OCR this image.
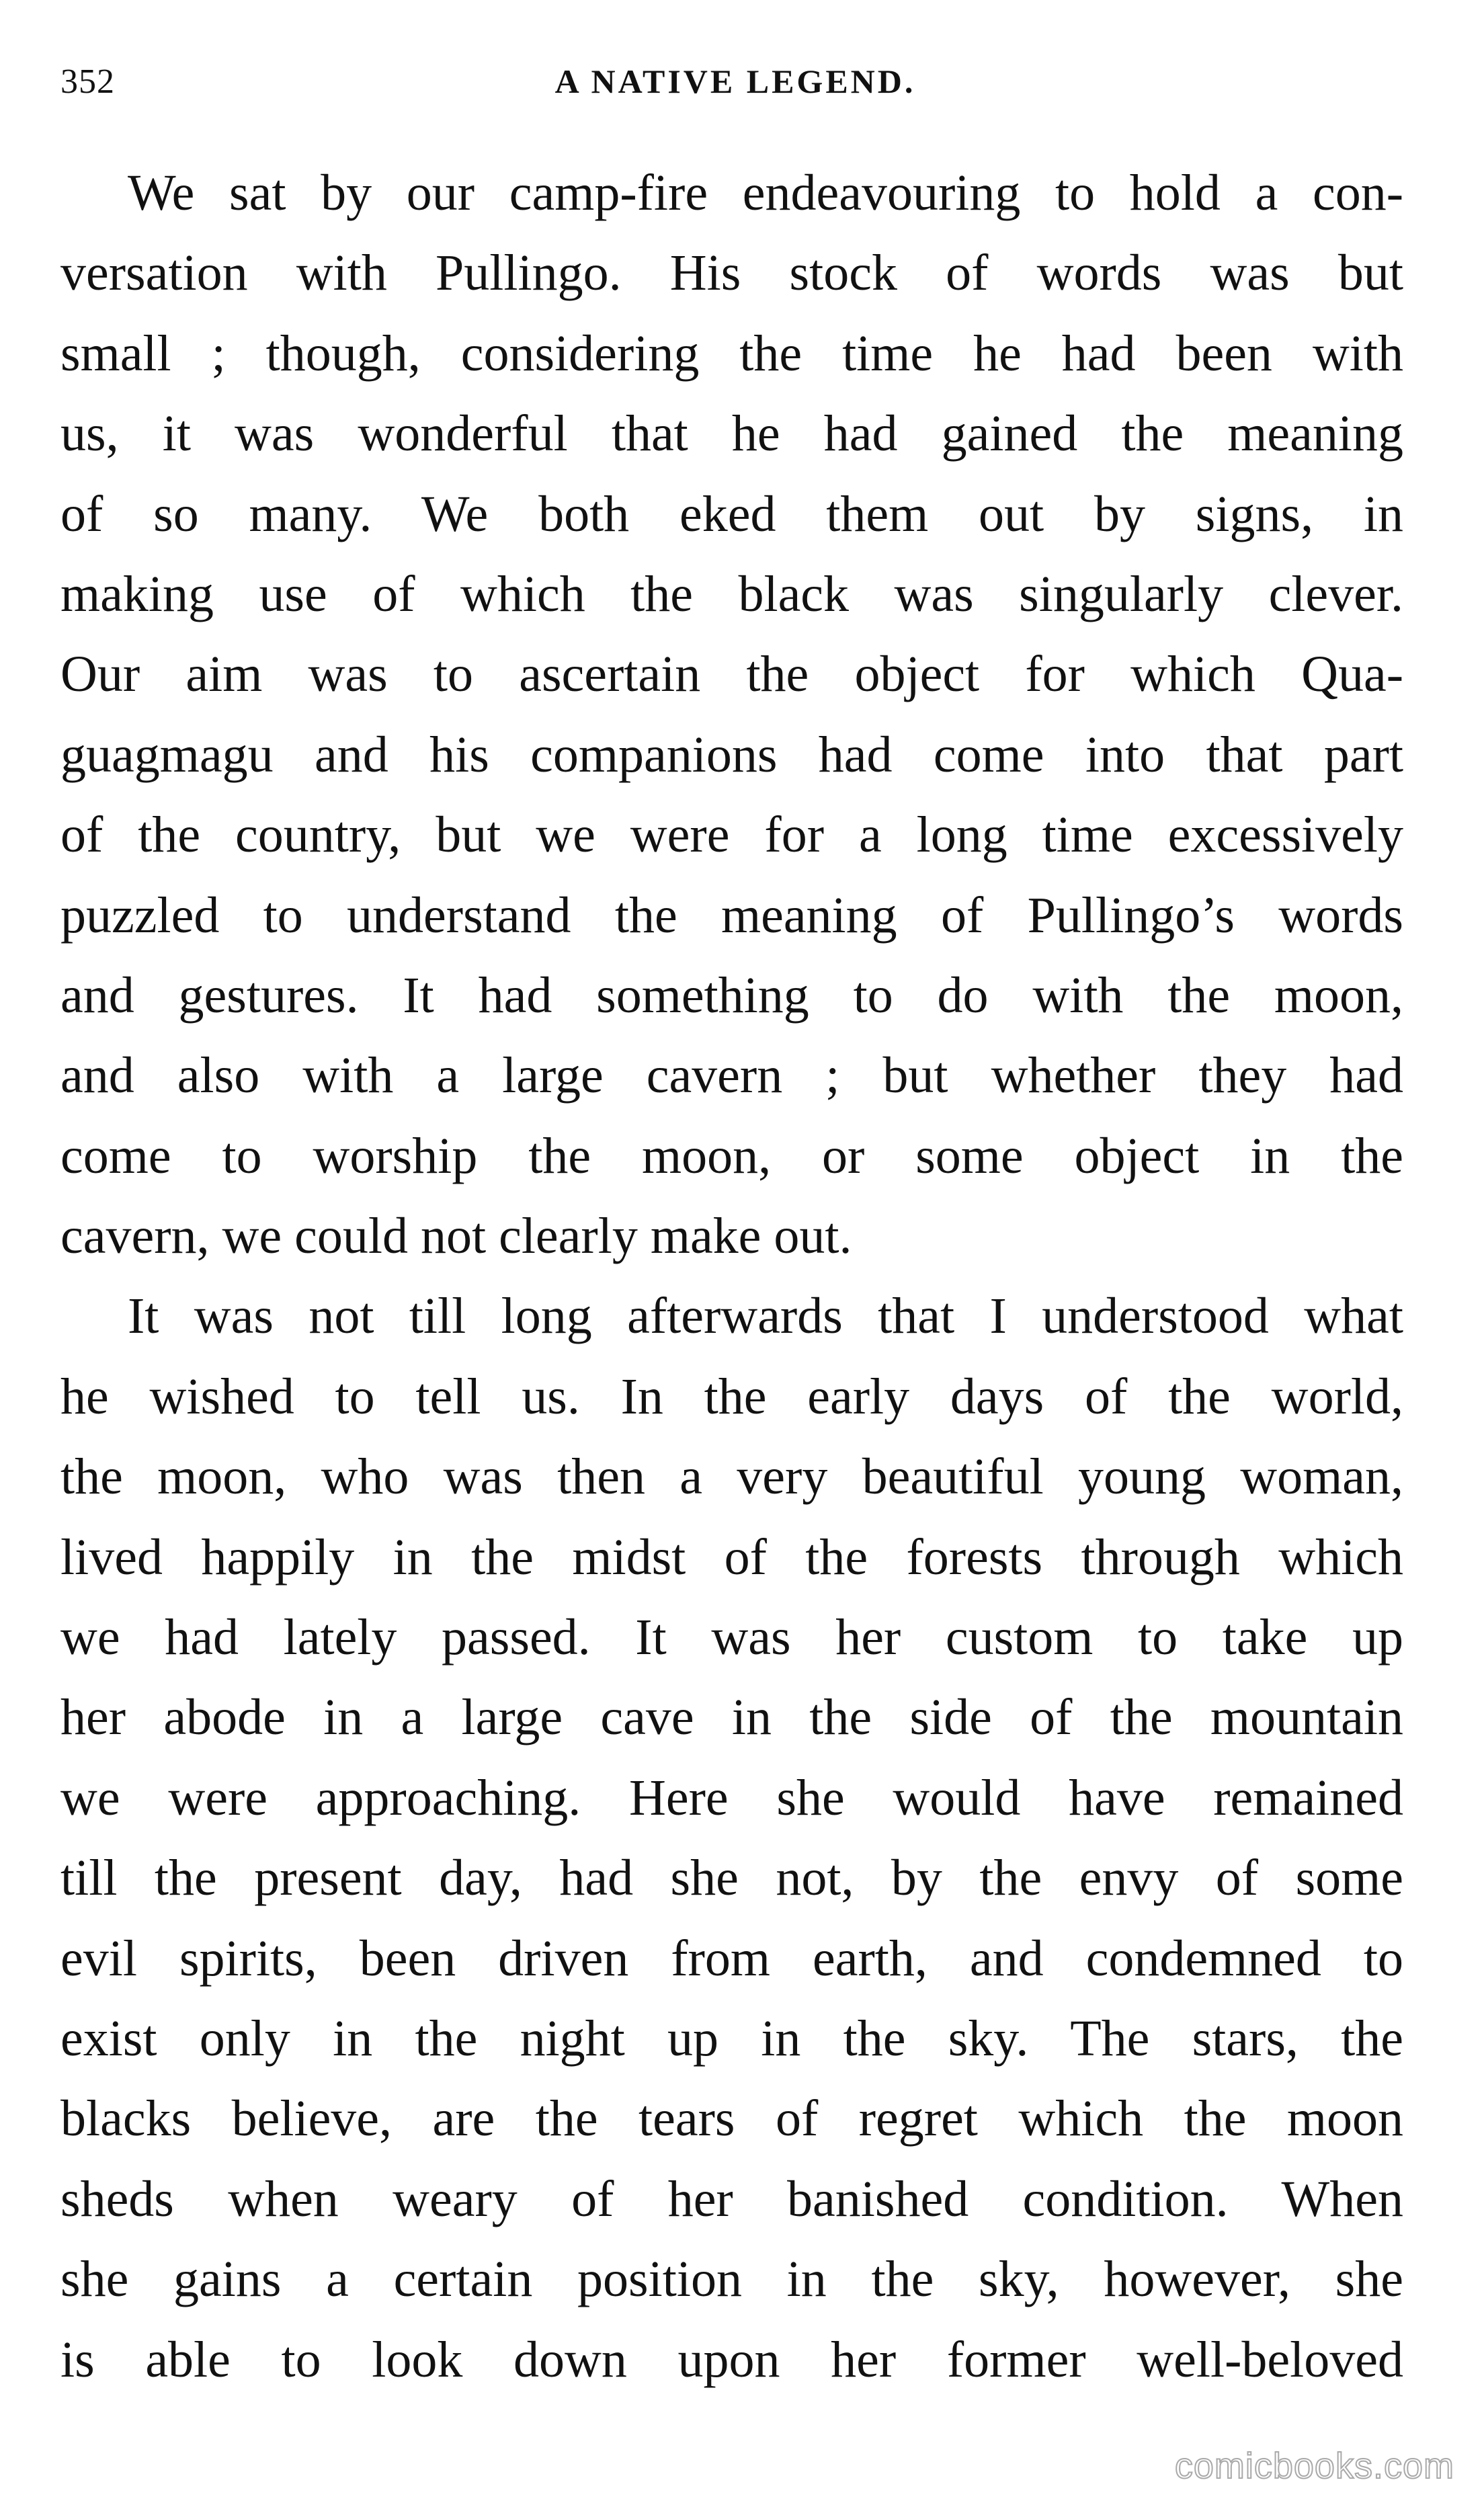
352	A NATIVE LEGEND.
We sat by our camp-fire endeavouring to hold a con-
versation with Pullingo. His stock of words was but
small ; though, considering the time he had been with
us, it was wonderful that he had gained the meaning
of so many. We both eked them out by signs, in
making use of which the black was singularly clever.
Our aim was to ascertain the object for which Qua-
guagmagu and his companions had come into that part
of the country, but we were for a long time excessively
puzzled to understand the meaning of Pullingo’s words
and gestures. It had something to do with the moon,
and also with a large cavern ; but whether they had
come to worship the moon, or some object in the
cavern, we could not clearly make out.
It was not till long afterwards that I understood what
he wished to tell us. In the early days of the world,
the moon, who was then a very beautiful young woman,
lived happily in the midst of the forests through which
we had lately passed. It was her custom to take up
her abode in a large cave in the side of the mountain
we were approaching. Here she would have remained
till the present day, had she not, by the envy of some
evil spirits, been driven from earth, and condemned to
exist only in the night up in the sky. The stars, the
blacks believe, are the tears of regret which the moon
sheds when weary of her banished condition. When
she gains a certain position in the sky, however, she
is able to look down upon her former well-beloved
comicbooks.com
